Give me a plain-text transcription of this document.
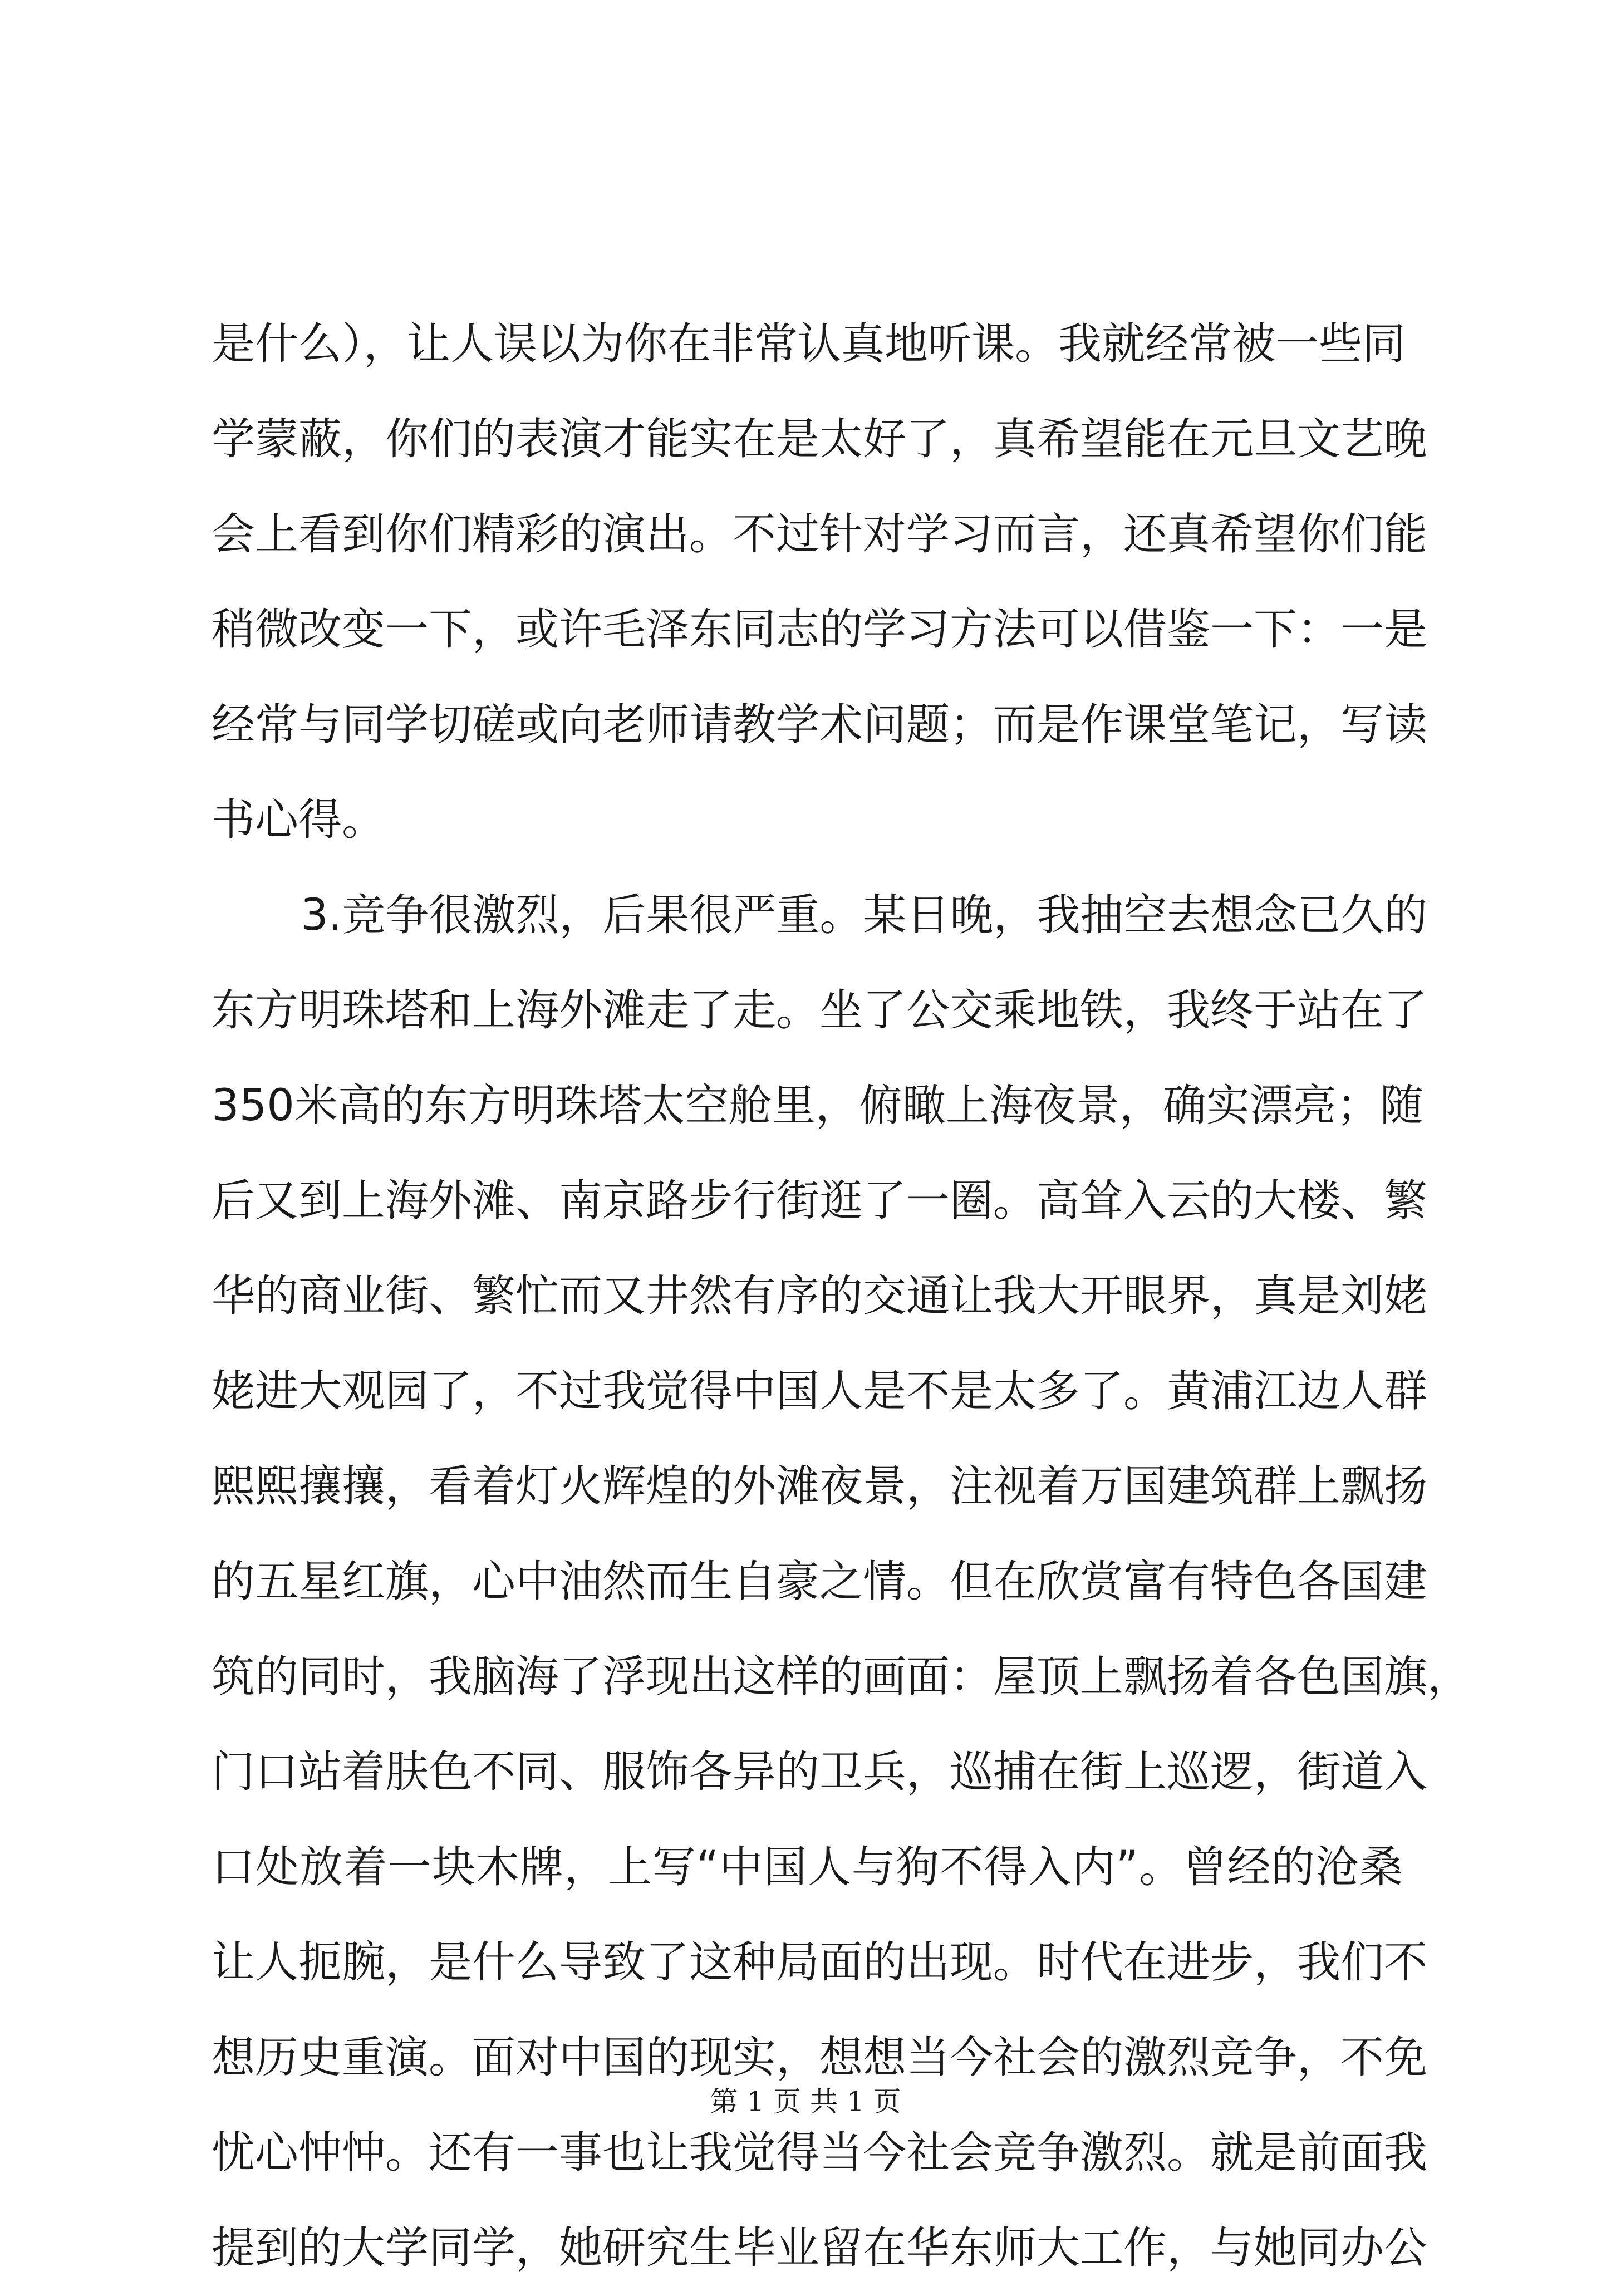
是什么），让人误以为你在非常认真地听课。我就经常被一些同
学蒙蔽，你们的表演才能实在是太好了，真希望能在元旦文艺晚
会上看到你们精彩的演出。不过针对学习而言，还真希望你们能
稍微改变一下，或许毛泽东同志的学习方法可以借鉴一下：一是
经常与同学切磋或向老师请教学术问题；而是作课堂笔记，写读
书心得。
3.竞争很激烈，后果很严重。某日晚，我抽空去想念已久的
东方明珠塔和上海外滩走了走。坐了公交乘地铁，我终于站在了
350米高的东方明珠塔太空舱里，俯瞰上海夜景，确实漂亮；随
后又到上海外滩、南京路步行街逛了一圈。高耸入云的大楼、繁
华的商业街、繁忙而又井然有序的交通让我大开眼界，真是刘姥
姥进大观园了，不过我觉得中国人是不是太多了。黄浦江边人群
熙熙攘攘，看着灯火辉煌的外滩夜景，注视着万国建筑群上飘扬
的五星红旗，心中油然而生自豪之情。但在欣赏富有特色各国建
筑的同时，我脑海了浮现出这样的画面：屋顶上飘扬着各色国旗，
门口站着肤色不同、服饰各异的卫兵，巡捕在街上巡逻，街道入
口处放着一块木牌，上写“中国人与狗不得入内”。曾经的沧桑
让人扼腕，是什么导致了这种局面的出现。时代在进步，我们不
想历史重演。面对中国的现实，想想当今社会的激烈竞争，不免
忧心忡忡。还有一事也让我觉得当今社会竞争激烈。就是前面我
提到的大学同学，她研究生毕业留在华东师大工作，与她同办公
第 1 页 共 1 页
